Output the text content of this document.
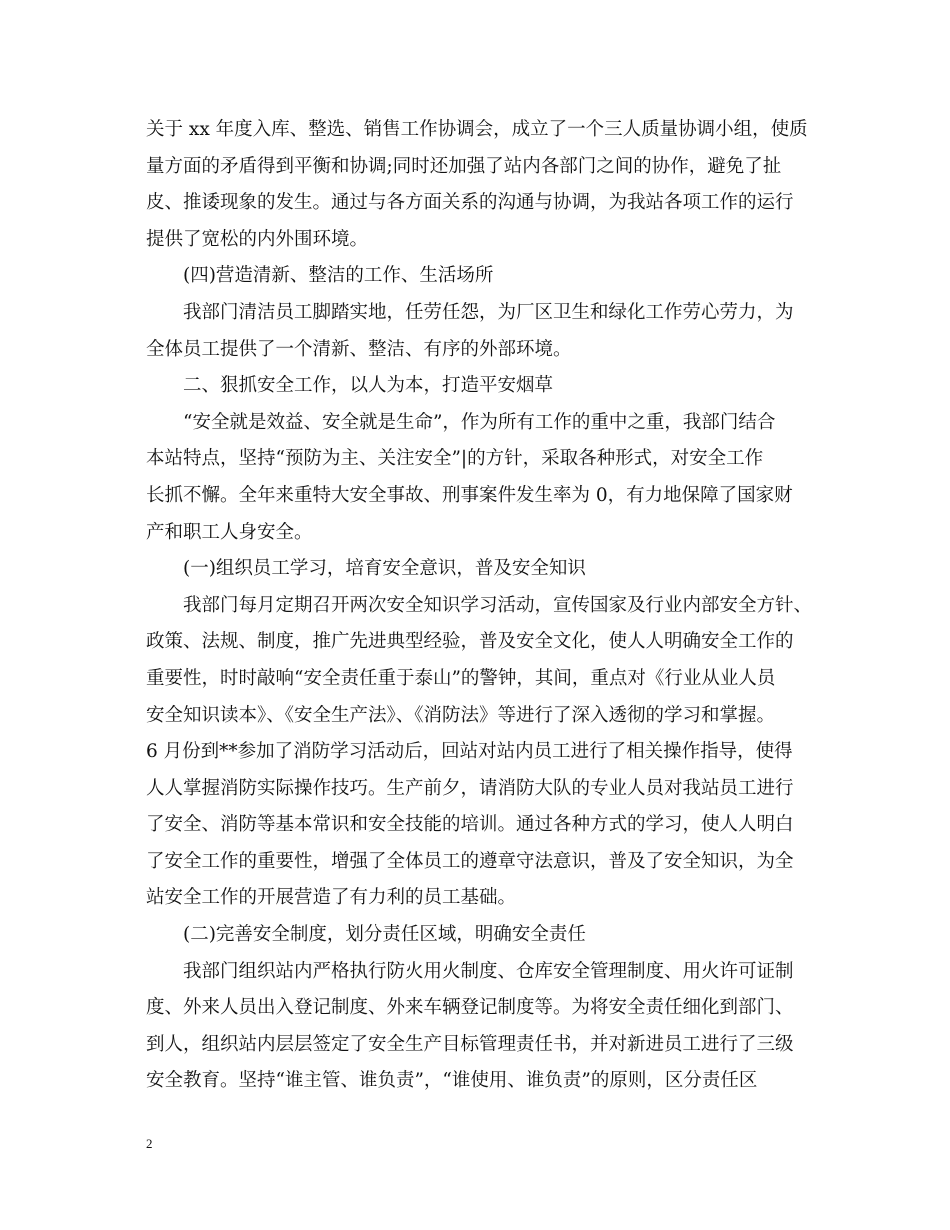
关于 xx 年度入库、整选、销售工作协调会，成立了一个三人质量协调小组，使质
量方面的矛盾得到平衡和协调;同时还加强了站内各部门之间的协作，避免了扯
皮、推诿现象的发生。通过与各方面关系的沟通与协调，为我站各项工作的运行
提供了宽松的内外围环境。
(四)营造清新、整洁的工作、生活场所
我部门清洁员工脚踏实地，任劳任怨，为厂区卫生和绿化工作劳心劳力，为
全体员工提供了一个清新、整洁、有序的外部环境。
二、狠抓安全工作，以人为本，打造平安烟草
“安全就是效益、安全就是生命”，作为所有工作的重中之重，我部门结合
本站特点，坚持“预防为主、关注安全”|的方针，采取各种形式，对安全工作
长抓不懈。全年来重特大安全事故、刑事案件发生率为 0，有力地保障了国家财
产和职工人身安全。
(一)组织员工学习，培育安全意识，普及安全知识
我部门每月定期召开两次安全知识学习活动，宣传国家及行业内部安全方针、
政策、法规、制度，推广先进典型经验，普及安全文化，使人人明确安全工作的
重要性，时时敲响“安全责任重于泰山”的警钟，其间，重点对《行业从业人员
安全知识读本》、《安全生产法》、《消防法》等进行了深入透彻的学习和掌握。
6 月份到**参加了消防学习活动后，回站对站内员工进行了相关操作指导，使得
人人掌握消防实际操作技巧。生产前夕，请消防大队的专业人员对我站员工进行
了安全、消防等基本常识和安全技能的培训。通过各种方式的学习，使人人明白
了安全工作的重要性，增强了全体员工的遵章守法意识，普及了安全知识，为全
站安全工作的开展营造了有力利的员工基础。
(二)完善安全制度，划分责任区域，明确安全责任
我部门组织站内严格执行防火用火制度、仓库安全管理制度、用火许可证制
度、外来人员出入登记制度、外来车辆登记制度等。为将安全责任细化到部门、
到人，组织站内层层签定了安全生产目标管理责任书，并对新进员工进行了三级
安全教育。坚持“谁主管、谁负责”，“谁使用、谁负责”的原则，区分责任区
2
